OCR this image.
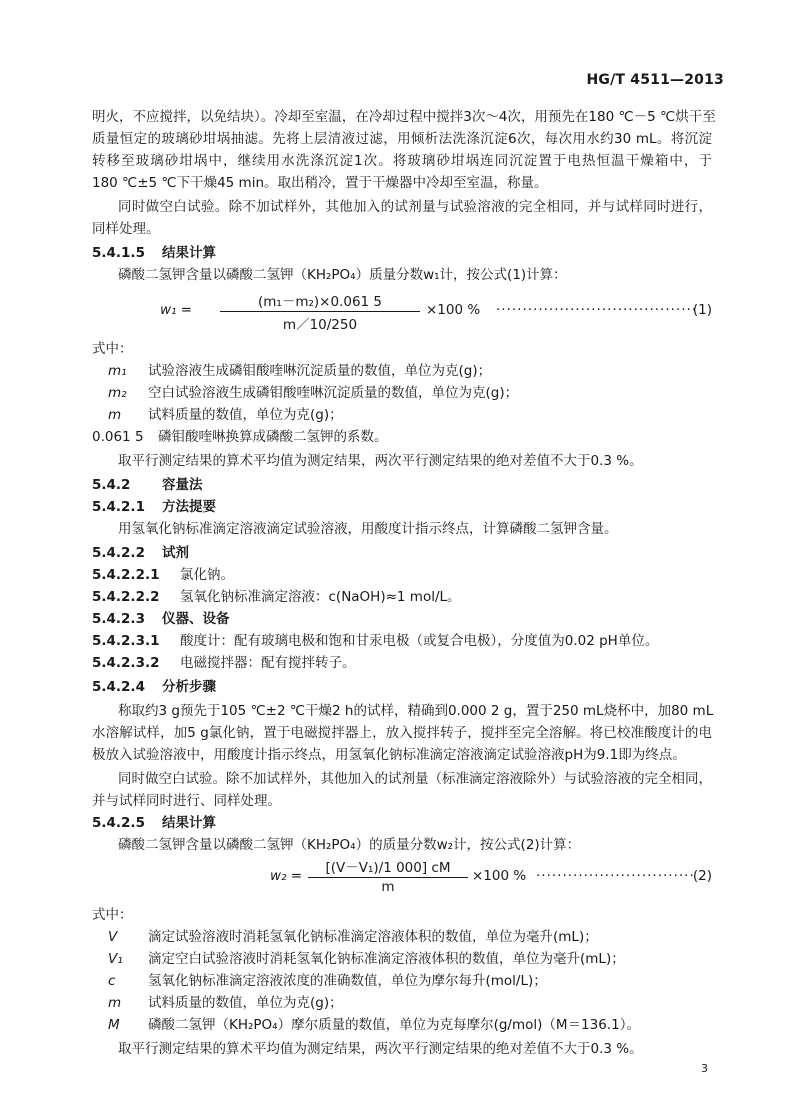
HG/T 4511—2013
明火，不应搅拌，以免结块）。冷却至室温，在冷却过程中搅拌3次～4次，用预先在180 ℃－5 ℃烘干至
质量恒定的玻璃砂坩埚抽滤。先将上层清液过滤，用倾析法洗涤沉淀6次，每次用水约30 mL。将沉淀
转移至玻璃砂坩埚中，继续用水洗涤沉淀1次。将玻璃砂坩埚连同沉淀置于电热恒温干燥箱中，于
180 ℃±5 ℃下干燥45 min。取出稍冷，置于干燥器中冷却至室温，称量。
同时做空白试验。除不加试样外，其他加入的试剂量与试验溶液的完全相同，并与试样同时进行，
同样处理。
5.4.1.5 结果计算
磷酸二氢钾含量以磷酸二氢钾（KH₂PO₄）质量分数w₁计，按公式(1)计算：
w₁ =	(m₁－m₂)×0.061 5
m／10/250
×100 % ······································
(1)
式中：
m₁ 试验溶液生成磷钼酸喹啉沉淀质量的数值，单位为克(g)；
m₂ 空白试验溶液生成磷钼酸喹啉沉淀质量的数值，单位为克(g)；
m 试料质量的数值，单位为克(g)；
0.061 5 磷钼酸喹啉换算成磷酸二氢钾的系数。
取平行测定结果的算术平均值为测定结果，两次平行测定结果的绝对差值不大于0.3 %。
5.4.2 容量法
5.4.2.1 方法提要
用氢氧化钠标准滴定溶液滴定试验溶液，用酸度计指示终点，计算磷酸二氢钾含量。
5.4.2.2 试剂
5.4.2.2.1 氯化钠。
5.4.2.2.2 氢氧化钠标准滴定溶液：c(NaOH)≈1 mol/L。
5.4.2.3 仪器、设备
5.4.2.3.1 酸度计：配有玻璃电极和饱和甘汞电极（或复合电极），分度值为0.02 pH单位。
5.4.2.3.2 电磁搅拌器：配有搅拌转子。
5.4.2.4 分析步骤
称取约3 g预先于105 ℃±2 ℃干燥2 h的试样，精确到0.000 2 g，置于250 mL烧杯中，加80 mL
水溶解试样，加5 g氯化钠，置于电磁搅拌器上，放入搅拌转子，搅拌至完全溶解。将已校准酸度计的电
极放入试验溶液中，用酸度计指示终点，用氢氧化钠标准滴定溶液滴定试验溶液pH为9.1即为终点。
同时做空白试验。除不加试样外，其他加入的试剂量（标准滴定溶液除外）与试验溶液的完全相同，
并与试样同时进行、同样处理。
5.4.2.5 结果计算
磷酸二氢钾含量以磷酸二氢钾（KH₂PO₄）的质量分数w₂计，按公式(2)计算：
w₂ =	[(V－V₁)/1 000] cM
m
×100 % ······························
(2)
式中：
V 滴定试验溶液时消耗氢氧化钠标准滴定溶液体积的数值，单位为毫升(mL)；
V₁ 滴定空白试验溶液时消耗氢氧化钠标准滴定溶液体积的数值，单位为毫升(mL)；
c 氢氧化钠标准滴定溶液浓度的准确数值，单位为摩尔每升(mol/L)；
m 试料质量的数值，单位为克(g)；
M 磷酸二氢钾（KH₂PO₄）摩尔质量的数值，单位为克每摩尔(g/mol)（M＝136.1）。
取平行测定结果的算术平均值为测定结果，两次平行测定结果的绝对差值不大于0.3 %。
3
